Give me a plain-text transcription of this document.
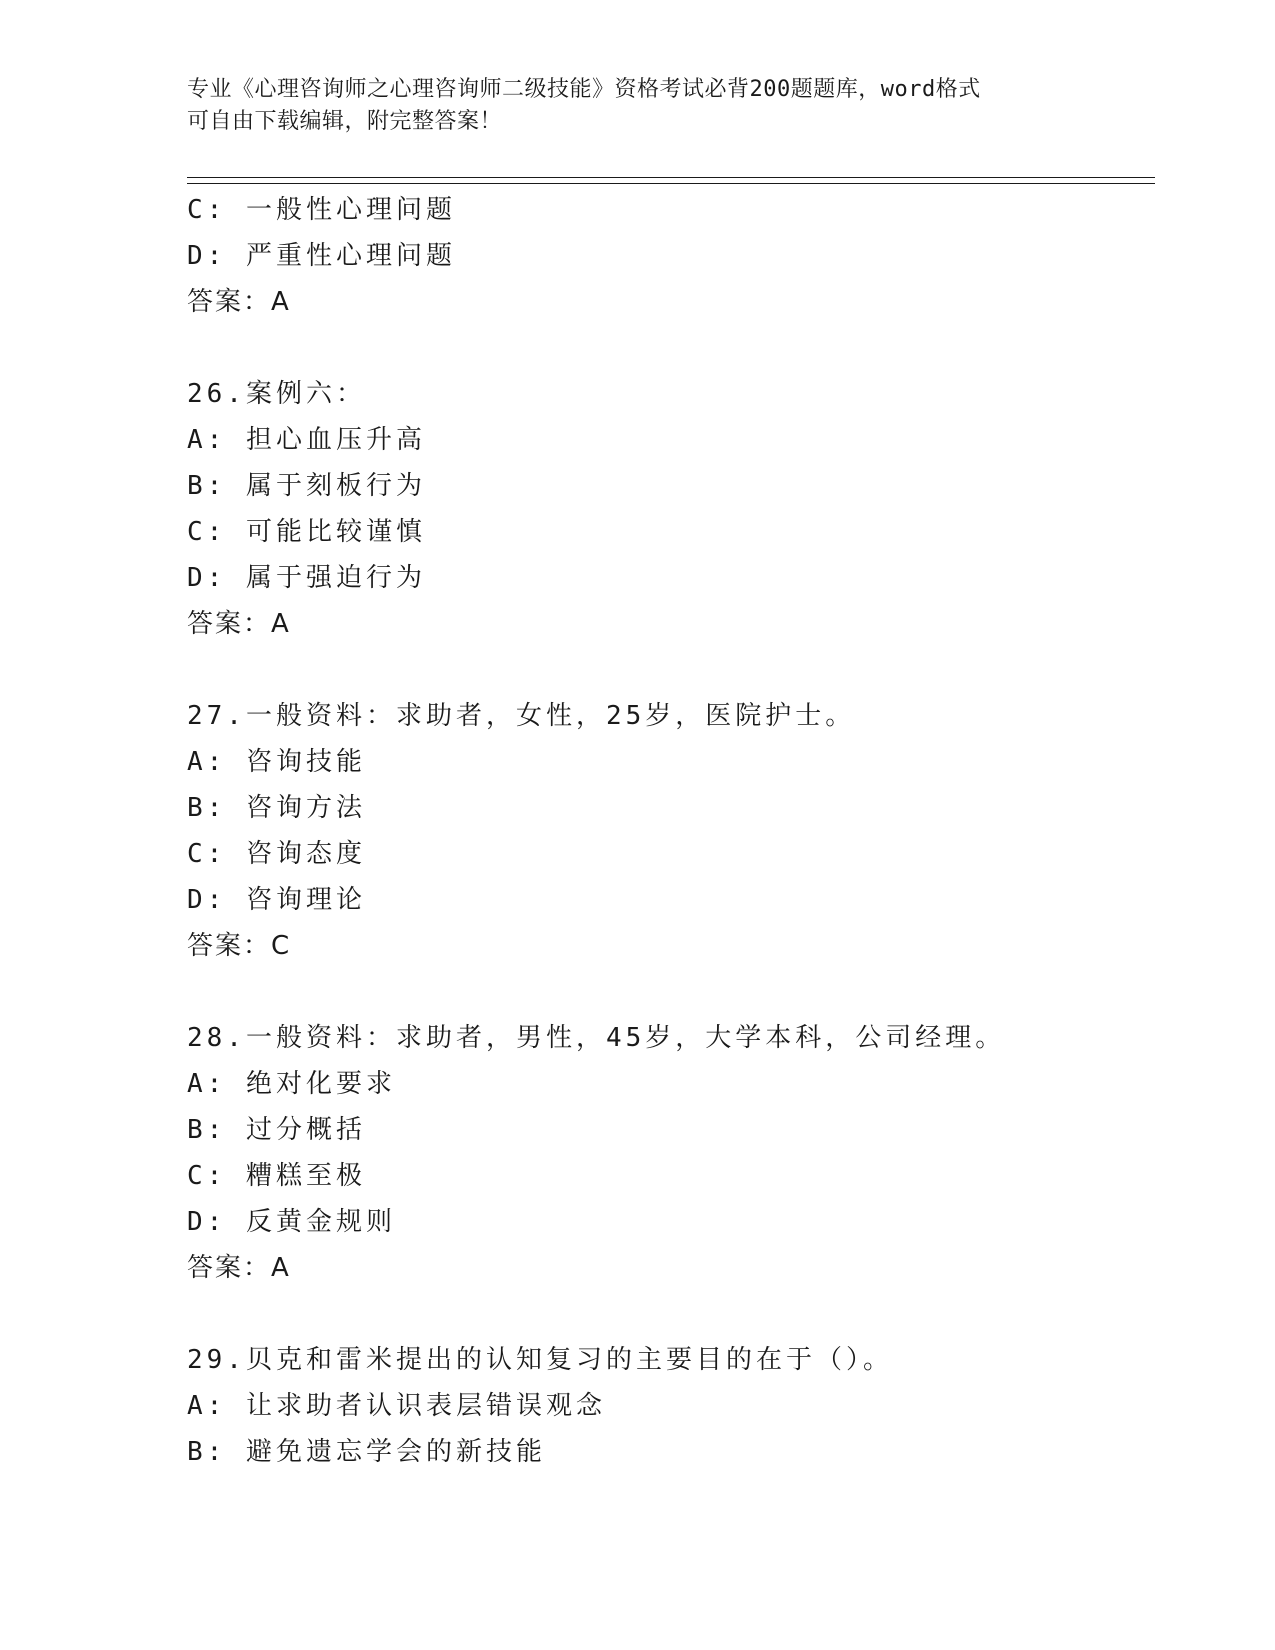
专业《心理咨询师之心理咨询师二级技能》资格考试必背200题题库，word格式
可自由下载编辑，附完整答案！
C: 一般性心理问题
D: 严重性心理问题
答案：A
26.案例六：
A: 担心血压升高
B: 属于刻板行为
C: 可能比较谨慎
D: 属于强迫行为
答案：A
27.一般资料：求助者，女性，25岁，医院护士。
A: 咨询技能
B: 咨询方法
C: 咨询态度
D: 咨询理论
答案：C
28.一般资料：求助者，男性，45岁，大学本科，公司经理。
A: 绝对化要求
B: 过分概括
C: 糟糕至极
D: 反黄金规则
答案：A
29.贝克和雷米提出的认知复习的主要目的在于（）。
A: 让求助者认识表层错误观念
B: 避免遗忘学会的新技能
